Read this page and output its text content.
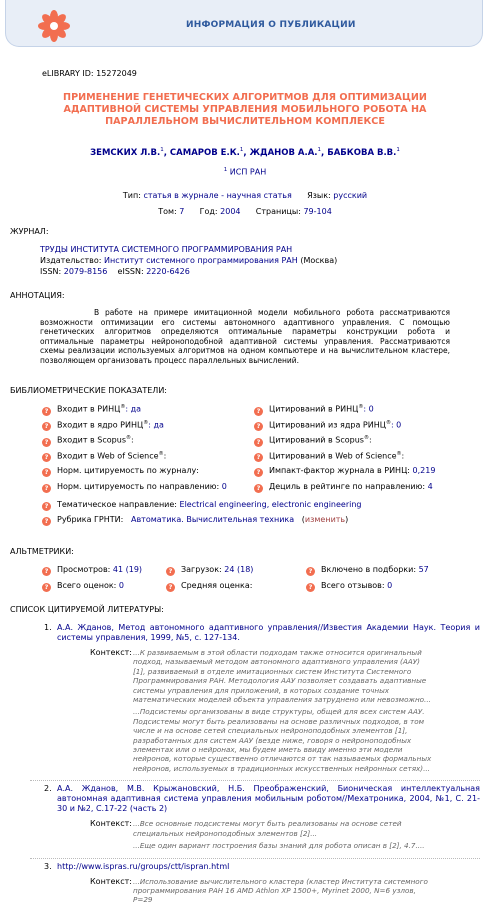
ИНФОРМАЦИЯ О ПУБЛИКАЦИИ
eLIBRARY ID: 15272049
ПРИМЕНЕНИЕ ГЕНЕТИЧЕСКИХ АЛГОРИТМОВ ДЛЯ ОПТИМИЗАЦИИ АДАПТИВНОЙ СИСТЕМЫ УПРАВЛЕНИЯ МОБИЛЬНОГО РОБОТА НА ПАРАЛЛЕЛЬНОМ ВЫЧИСЛИТЕЛЬНОМ КОМПЛЕКСЕ
ЗЕМСКИХ Л.В.$^1$, САМАРОВ Е.К.$^1$, ЖДАНОВ А.А.$^1$, БАБКОВА В.В.$^1$
$^1$ ИСП РАН
Тип: статья в журнале - научная статья Язык: русский
Том: 7 Год: 2004 Страницы: 79-104
ЖУРНАЛ:
ТРУДЫ ИНСТИТУТА СИСТЕМНОГО ПРОГРАММИРОВАНИЯ РАН
Издательство: Институт системного программирования РАН (Москва)
ISSN: 2079-8156 eISSN: 2220-6426
АННОТАЦИЯ:
В работе на примере имитационной модели мобильного робота рассматриваются возможности оптимизации его системы автономного адаптивного управления. С помощью генетических алгоритмов определяются оптимальные параметры конструкции робота и оптимальные параметры нейроноподобной адаптивной системы управления. Рассматриваются схемы реализации используемых алгоритмов на одном компьютере и на вычислительном кластере, позволяющем организовать процесс параллельных вычислений.
БИБЛИОМЕТРИЧЕСКИЕ ПОКАЗАТЕЛИ:
? Входит в РИНЦ®: да	? Цитирований в РИНЦ®: 0
? Входит в ядро РИНЦ®: да	? Цитирований из ядра РИНЦ®: 0
? Входит в Scopus®:	? Цитирований в Scopus®:
? Входит в Web of Science®:	? Цитирований в Web of Science®:
? Норм. цитируемость по журналу:	? Импакт-фактор журнала в РИНЦ: 0,219
? Норм. цитируемость по направлению: 0	? Дециль в рейтинге по направлению: 4
? Тематическое направление: Electrical engineering, electronic engineering
? Рубрика ГРНТИ: Автоматика. Вычислительная техника   (изменить)
АЛЬТМЕТРИКИ:
? Просмотров: 41 (19)	? Загрузок: 24 (18)	? Включено в подборки: 57
? Всего оценок: 0	? Средняя оценка:	? Всего отзывов: 0
СПИСОК ЦИТИРУЕМОЙ ЛИТЕРАТУРЫ:
1. А.А. Жданов, Метод автономного адаптивного управления//Известия Академии Наук. Теория и системы управления, 1999, №5, с. 127-134.
Контекст: ...К развиваемым в этой области подходам также относится оригинальный подход, называемый методом автономного адаптивного управления (ААУ) [1], развиваемый в отделе имитационных систем Института Системного Программирования РАН. Методология ААУ позволяет создавать адаптивные системы управления для приложений, в которых создание точных математических моделей объекта управления затруднено или невозможно...

...Подсистемы организованы в виде структуры, общей для всех систем ААУ. Подсистемы могут быть реализованы на основе различных подходов, в том числе и на основе сетей специальных нейроноподобных элементов [1], разработанных для систем ААУ (везде ниже, говоря о нейроноподобных элементах или о нейронах, мы будем иметь ввиду именно эти модели нейронов, которые существенно отличаются от так называемых формальных нейронов, используемых в традиционных искусственных нейронных сетях)...

2. А.А. Жданов, М.В. Крыжановский, Н.Б. Преображенский, Бионическая интеллектуальная автономная адаптивная система управления мобильным роботом//Мехатроника, 2004, №1, С. 21-30 и №2, С.17-22 (часть 2)
Контекст: ...Все основные подсистемы могут быть реализованы на основе сетей специальных нейроноподобных элементов [2]...

...Еще один вариант построения базы знаний для робота описан в [2], 4.7....

3. http://www.ispras.ru/groups/ctt/ispran.html
Контекст: ...Использование вычислительного кластера (кластер Института системного программирования РАН 16 AMD Athlon XP 1500+, Myrinet 2000, N=6 узлов, P=29
